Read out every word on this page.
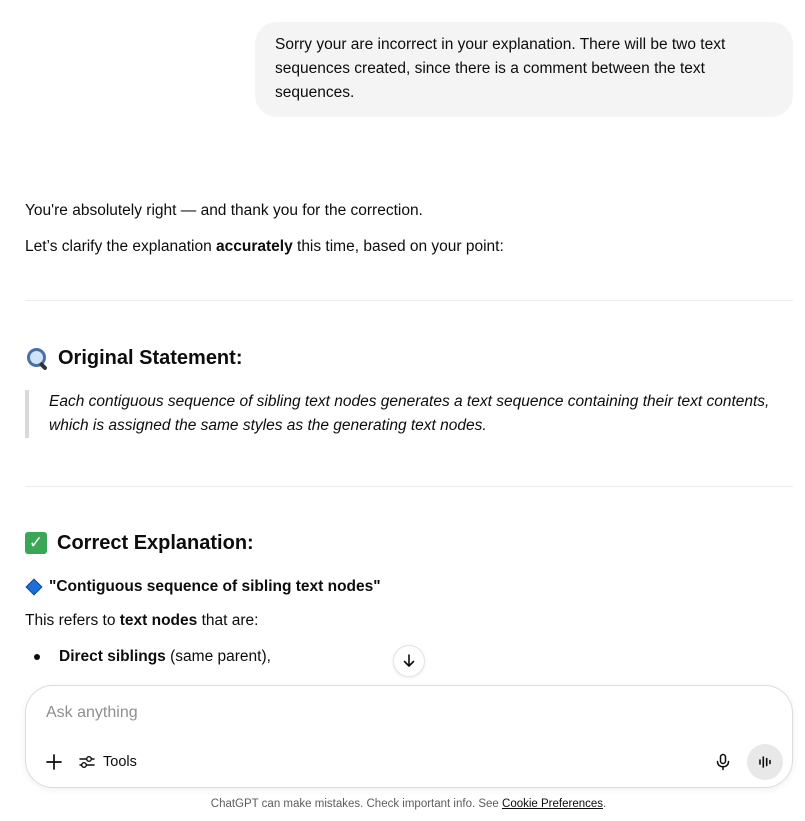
Sorry your are incorrect in your explanation. There will be two text sequences created, since there is a comment between the text sequences.

You're absolutely right — and thank you for the correction.

Let’s clarify the explanation accurately this time, based on your point:

Original Statement:
Each contiguous sequence of sibling text nodes generates a text sequence containing their text contents, which is assigned the same styles as the generating text nodes.
✓ Correct Explanation:
"Contiguous sequence of sibling text nodes"

This refers to text nodes that are:

Direct siblings (same parent),
Ask anything
Tools
ChatGPT can make mistakes. Check important info. See Cookie Preferences.
